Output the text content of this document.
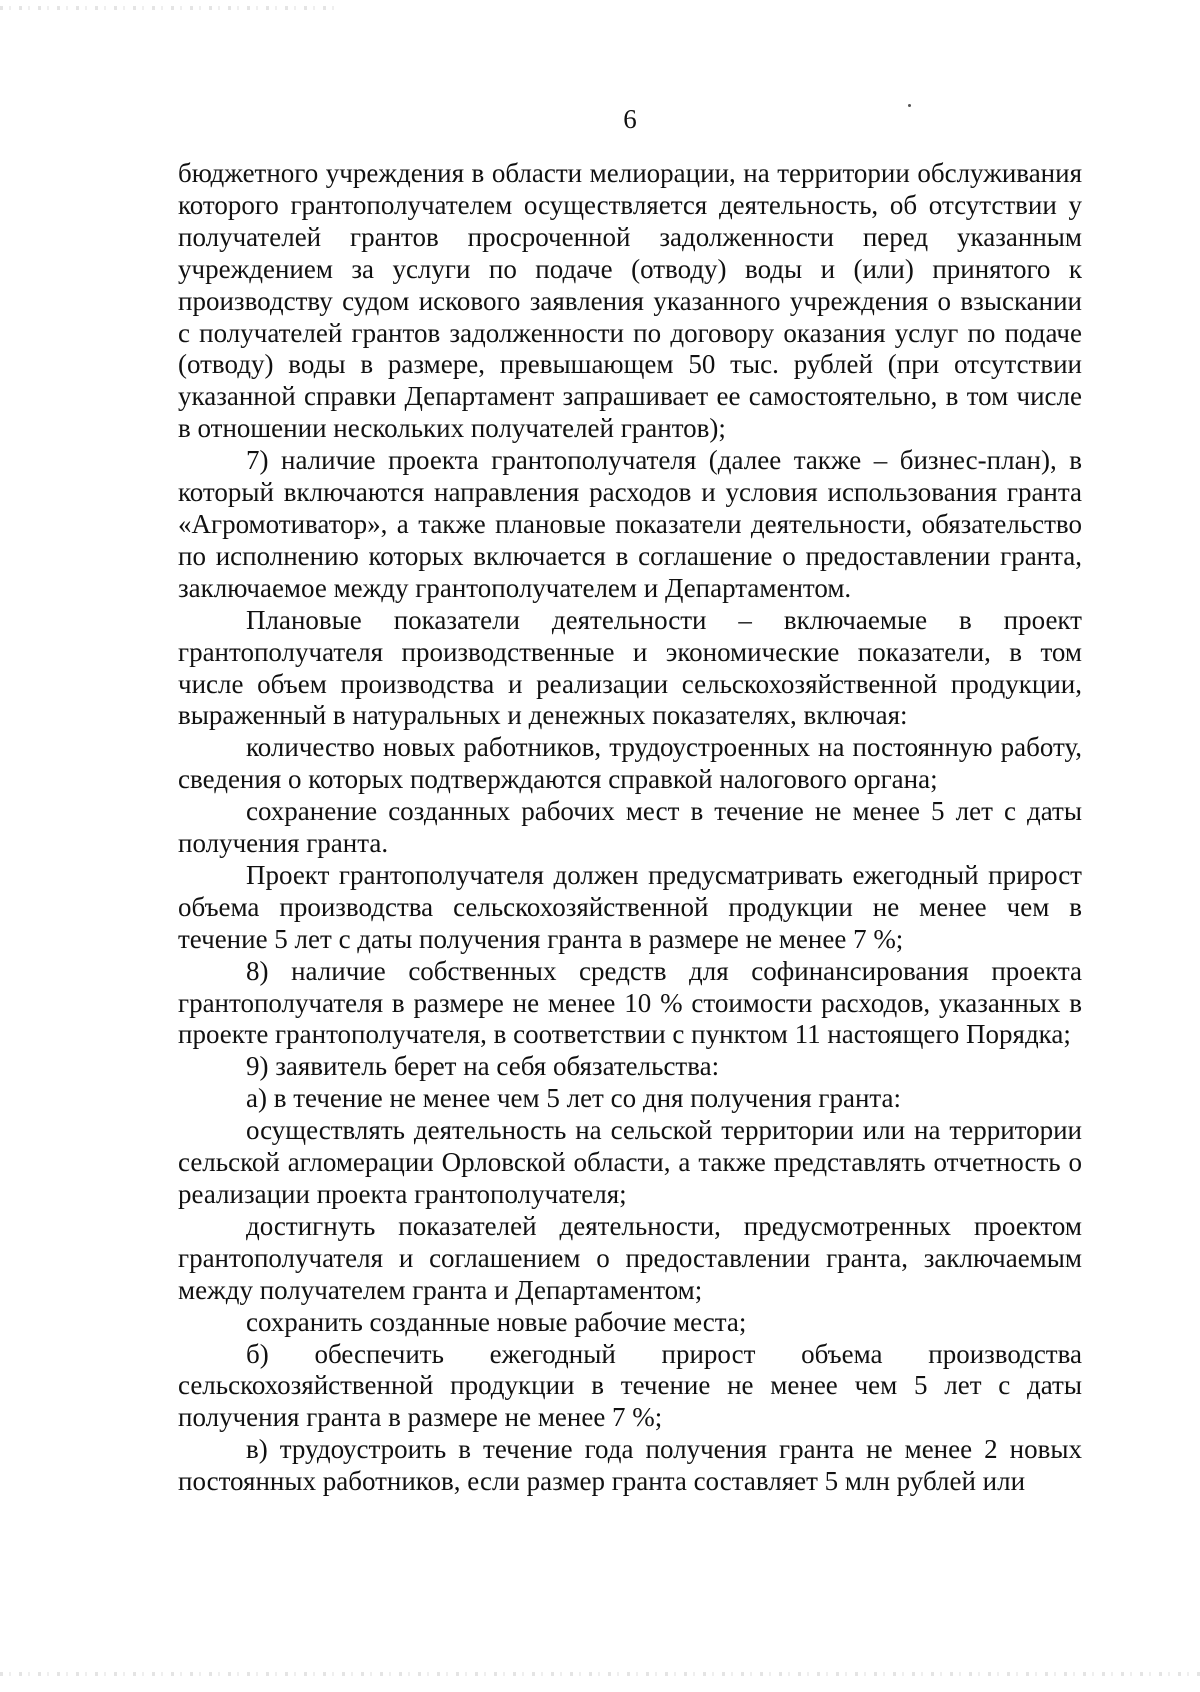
6

бюджетного учреждения в области мелиорации, на территории обслуживания которого грантополучателем осуществляется деятельность, об отсутствии у получателей грантов просроченной задолженности перед указанным учреждением за услуги по подаче (отводу) воды и (или) принятого к производству судом искового заявления указанного учреждения о взыскании с получателей грантов задолженности по договору оказания услуг по подаче (отводу) воды в размере, превышающем 50 тыс. рублей (при отсутствии указанной справки Департамент запрашивает ее самостоятельно, в том числе в отношении нескольких получателей грантов);

7) наличие проекта грантополучателя (далее также – бизнес-план), в который включаются направления расходов и условия использования гранта «Агромотиватор», а также плановые показатели деятельности, обязательство по исполнению которых включается в соглашение о предоставлении гранта, заключаемое между грантополучателем и Департаментом.

Плановые показатели деятельности – включаемые в проект грантополучателя производственные и экономические показатели, в том числе объем производства и реализации сельскохозяйственной продукции, выраженный в натуральных и денежных показателях, включая:

количество новых работников, трудоустроенных на постоянную работу, сведения о которых подтверждаются справкой налогового органа;

сохранение созданных рабочих мест в течение не менее 5 лет с даты получения гранта.

Проект грантополучателя должен предусматривать ежегодный прирост объема производства сельскохозяйственной продукции не менее чем в течение 5 лет с даты получения гранта в размере не менее 7 %;

8) наличие собственных средств для софинансирования проекта грантополучателя в размере не менее 10 % стоимости расходов, указанных в проекте грантополучателя, в соответствии с пунктом 11 настоящего Порядка;

9) заявитель берет на себя обязательства:

а) в течение не менее чем 5 лет со дня получения гранта:

осуществлять деятельность на сельской территории или на территории сельской агломерации Орловской области, а также представлять отчетность о реализации проекта грантополучателя;

достигнуть показателей деятельности, предусмотренных проектом грантополучателя и соглашением о предоставлении гранта, заключаемым между получателем гранта и Департаментом;

сохранить созданные новые рабочие места;

б) обеспечить ежегодный прирост объема производства сельскохозяйственной продукции в течение не менее чем 5 лет с даты получения гранта в размере не менее 7 %;

в) трудоустроить в течение года получения гранта не менее 2 новых постоянных работников, если размер гранта составляет 5 млн рублей или
